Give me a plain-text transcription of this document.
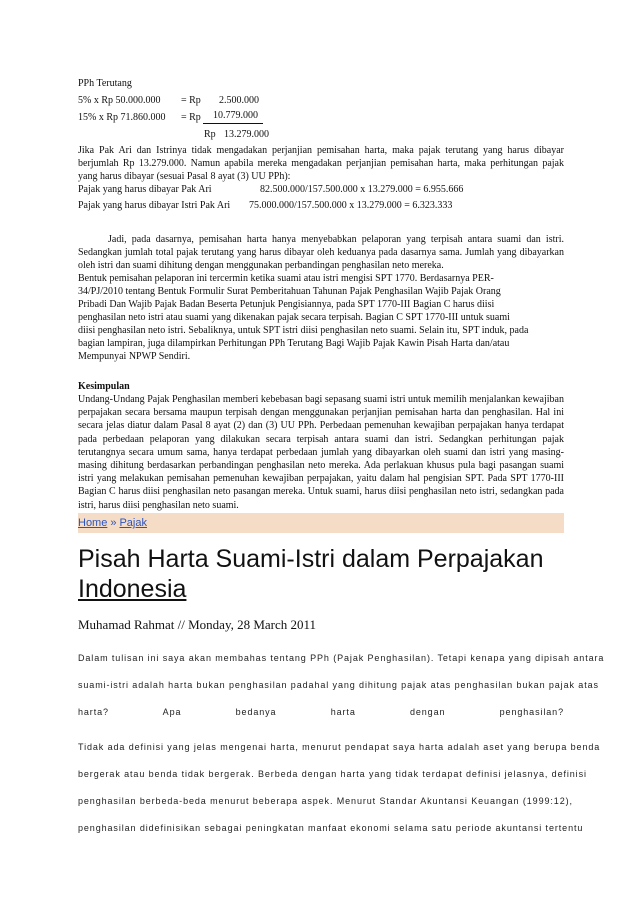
PPh Terutang
5% x Rp 50.000.000 = Rp 2.500.000
15% x Rp 71.860.000 = Rp	10.779.000
Rp 13.279.000

Jika Pak Ari dan Istrinya tidak mengadakan perjanjian pemisahan harta, maka pajak terutang yang harus dibayar berjumlah Rp 13.279.000. Namun apabila mereka mengadakan perjanjian pemisahan harta, maka perhitungan pajak yang harus dibayar (sesuai Pasal 8 ayat (3) UU PPh):

Pajak yang harus dibayar Pak Ari	82.500.000/157.500.000 x 13.279.000 = 6.955.666
Pajak yang harus dibayar Istri Pak Ari 75.000.000/157.500.000 x 13.279.000 = 6.323.333

Jadi, pada dasarnya, pemisahan harta hanya menyebabkan pelaporan yang terpisah antara suami dan istri. Sedangkan jumlah total pajak terutang yang harus dibayar oleh keduanya pada dasarnya sama. Jumlah yang dibayarkan oleh istri dan suami dihitung dengan menggunakan perbandingan penghasilan neto mereka.

Bentuk pemisahan pelaporan ini tercermin ketika suami atau istri mengisi SPT 1770. Berdasarnya PER-
34/PJ/2010 tentang Bentuk Formulir Surat Pemberitahuan Tahunan Pajak Penghasilan Wajib Pajak Orang
Pribadi Dan Wajib Pajak Badan Beserta Petunjuk Pengisiannya, pada SPT 1770-III Bagian C harus diisi
penghasilan neto istri atau suami yang dikenakan pajak secara terpisah. Bagian C SPT 1770-III untuk suami
diisi penghasilan neto istri. Sebaliknya, untuk SPT istri diisi penghasilan neto suami. Selain itu, SPT induk, pada
bagian lampiran, juga dilampirkan Perhitungan PPh Terutang Bagi Wajib Pajak Kawin Pisah Harta dan/atau
Mempunyai NPWP Sendiri.
Kesimpulan

Undang-Undang Pajak Penghasilan memberi kebebasan bagi sepasang suami istri untuk memilih menjalankan kewajiban perpajakan secara bersama maupun terpisah dengan menggunakan perjanjian pemisahan harta dan penghasilan. Hal ini secara jelas diatur dalam Pasal 8 ayat (2) dan (3) UU PPh. Perbedaan pemenuhan kewajiban perpajakan hanya terdapat pada perbedaan pelaporan yang dilakukan secara terpisah antara suami dan istri. Sedangkan perhitungan pajak terutangnya secara umum sama, hanya terdapat perbedaan jumlah yang dibayarkan oleh suami dan istri yang masing-masing dihitung berdasarkan perbandingan penghasilan neto mereka. Ada perlakuan khusus pula bagi pasangan suami istri yang melakukan pemisahan pemenuhan kewajiban perpajakan, yaitu dalam hal pengisian SPT. Pada SPT 1770-III Bagian C harus diisi penghasilan neto pasangan mereka. Untuk suami, harus diisi penghasilan neto istri, sedangkan pada istri, harus diisi penghasilan neto suami.

Home » Pajak
Pisah Harta Suami-Istri dalam Perpajakan
Indonesia
Muhamad Rahmat // Monday, 28 March 2011
Dalam tulisan ini saya akan membahas tentang PPh (Pajak Penghasilan). Tetapi kenapa yang dipisah antara
suami-istri adalah harta bukan penghasilan padahal yang dihitung pajak atas penghasilan bukan pajak atas
harta? Apa bedanya harta dengan penghasilan?
Tidak ada definisi yang jelas mengenai harta, menurut pendapat saya harta adalah aset yang berupa benda
bergerak atau benda tidak bergerak. Berbeda dengan harta yang tidak terdapat definisi jelasnya, definisi
penghasilan berbeda-beda menurut beberapa aspek. Menurut Standar Akuntansi Keuangan (1999:12),
penghasilan didefinisikan sebagai peningkatan manfaat ekonomi selama satu periode akuntansi tertentu
